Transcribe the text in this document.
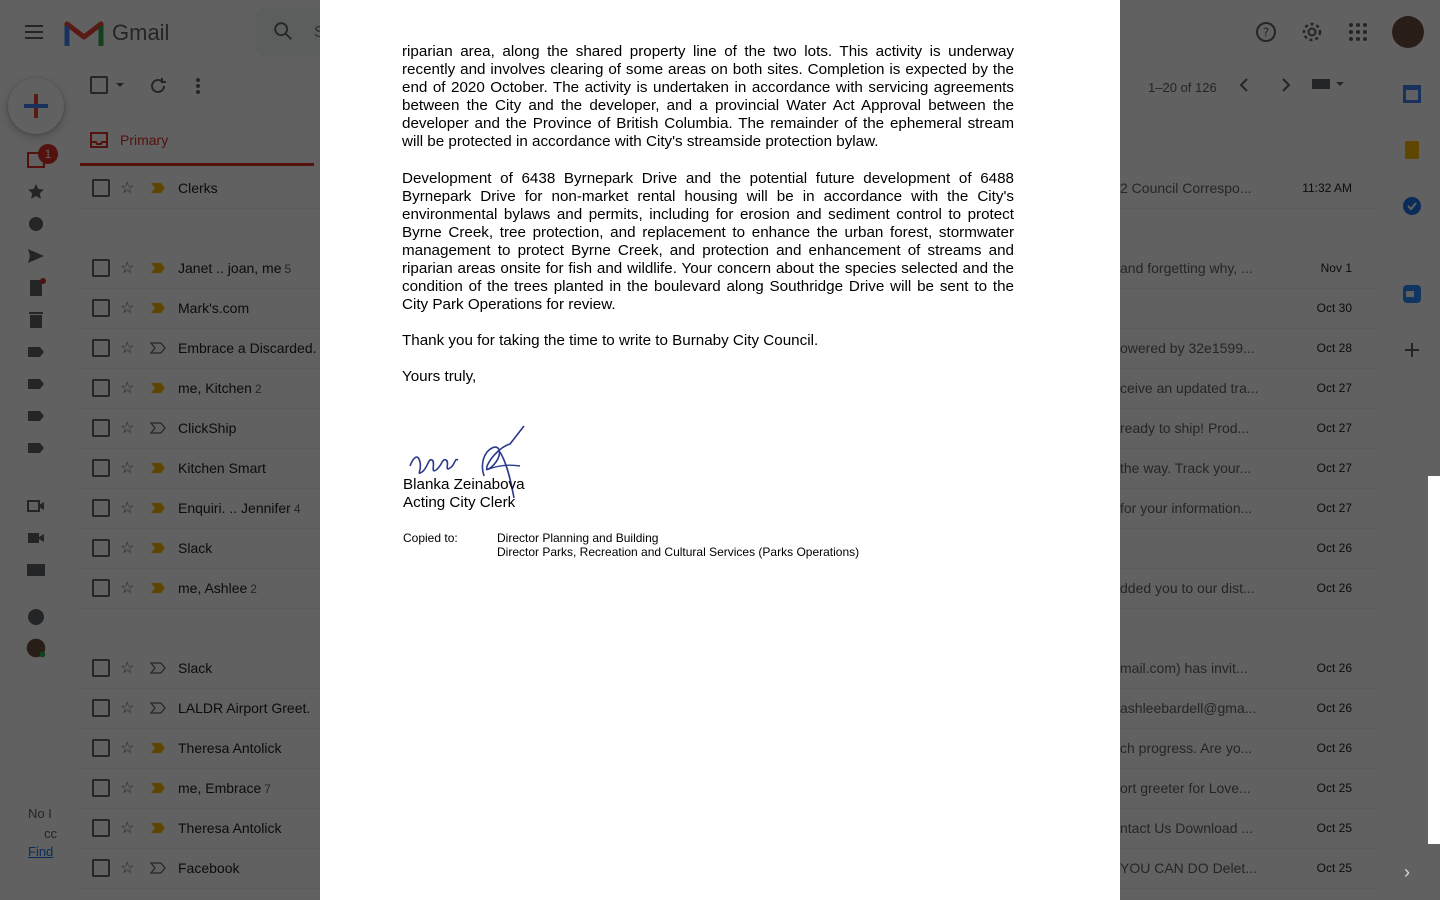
S
›

riparian area, along the shared property line of the two lots. This activity is underway recently and involves clearing of some areas on both sites. Completion is expected by the end of 2020 October. The activity is undertaken in accordance with servicing agreements between the City and the developer, and a provincial Water Act Approval between the developer and the Province of British Columbia. The remainder of the ephemeral stream will be protected in accordance with City's streamside protection bylaw.

Development of 6438 Byrnepark Drive and the potential future development of 6488 Byrnepark Drive for non-market rental housing will be in accordance with the City's environmental bylaws and permits, including for erosion and sediment control to protect Byrne Creek, tree protection, and replacement to enhance the urban forest, stormwater management to protect Byrne Creek, and protection and enhancement of streams and riparian areas onsite for fish and wildlife. Your concern about the species selected and the condition of the trees planted in the boulevard along Southridge Drive will be sent to the City Park Operations for review.

Thank you for taking the time to write to Burnaby City Council.

Yours truly,

Blanka Zeinabova
Acting City Clerk
Copied to:	Director Planning and Building
Director Parks, Recreation and Cultural Services (Parks Operations)
